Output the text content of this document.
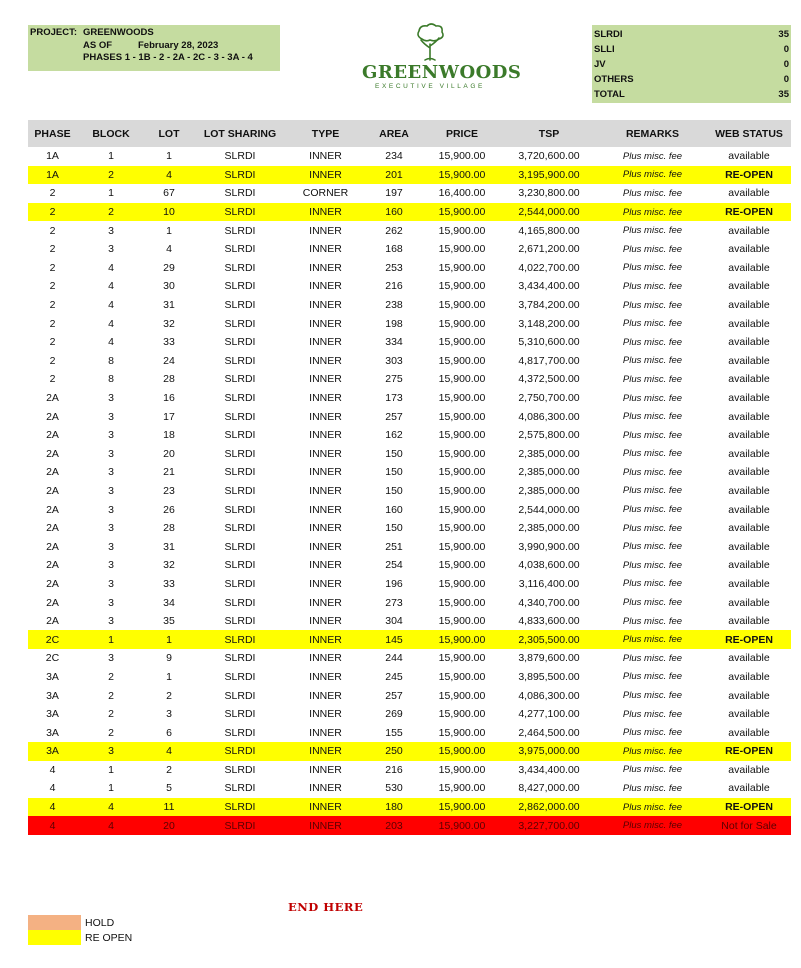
PROJECT: GREENWOODS
AS OF	February 28, 2023
PHASES 1 - 1B - 2 - 2A - 2C - 3 - 3A - 4
GREENWOODS
EXECUTIVE VILLAGE
SLRDI	35
SLLI	0
JV	0
OTHERS	0
TOTAL	35
PHASE	BLOCK	LOT	LOT SHARING	TYPE	AREA	PRICE	TSP	REMARKS	WEB STATUS
1A	1	1	SLRDI	INNER	234	15,900.00	3,720,600.00	Plus misc. fee	available
1A	2	4	SLRDI	INNER	201	15,900.00	3,195,900.00	Plus misc. fee	RE-OPEN
2	1	67	SLRDI	CORNER	197	16,400.00	3,230,800.00	Plus misc. fee	available
2	2	10	SLRDI	INNER	160	15,900.00	2,544,000.00	Plus misc. fee	RE-OPEN
2	3	1	SLRDI	INNER	262	15,900.00	4,165,800.00	Plus misc. fee	available
2	3	4	SLRDI	INNER	168	15,900.00	2,671,200.00	Plus misc. fee	available
2	4	29	SLRDI	INNER	253	15,900.00	4,022,700.00	Plus misc. fee	available
2	4	30	SLRDI	INNER	216	15,900.00	3,434,400.00	Plus misc. fee	available
2	4	31	SLRDI	INNER	238	15,900.00	3,784,200.00	Plus misc. fee	available
2	4	32	SLRDI	INNER	198	15,900.00	3,148,200.00	Plus misc. fee	available
2	4	33	SLRDI	INNER	334	15,900.00	5,310,600.00	Plus misc. fee	available
2	8	24	SLRDI	INNER	303	15,900.00	4,817,700.00	Plus misc. fee	available
2	8	28	SLRDI	INNER	275	15,900.00	4,372,500.00	Plus misc. fee	available
2A	3	16	SLRDI	INNER	173	15,900.00	2,750,700.00	Plus misc. fee	available
2A	3	17	SLRDI	INNER	257	15,900.00	4,086,300.00	Plus misc. fee	available
2A	3	18	SLRDI	INNER	162	15,900.00	2,575,800.00	Plus misc. fee	available
2A	3	20	SLRDI	INNER	150	15,900.00	2,385,000.00	Plus misc. fee	available
2A	3	21	SLRDI	INNER	150	15,900.00	2,385,000.00	Plus misc. fee	available
2A	3	23	SLRDI	INNER	150	15,900.00	2,385,000.00	Plus misc. fee	available
2A	3	26	SLRDI	INNER	160	15,900.00	2,544,000.00	Plus misc. fee	available
2A	3	28	SLRDI	INNER	150	15,900.00	2,385,000.00	Plus misc. fee	available
2A	3	31	SLRDI	INNER	251	15,900.00	3,990,900.00	Plus misc. fee	available
2A	3	32	SLRDI	INNER	254	15,900.00	4,038,600.00	Plus misc. fee	available
2A	3	33	SLRDI	INNER	196	15,900.00	3,116,400.00	Plus misc. fee	available
2A	3	34	SLRDI	INNER	273	15,900.00	4,340,700.00	Plus misc. fee	available
2A	3	35	SLRDI	INNER	304	15,900.00	4,833,600.00	Plus misc. fee	available
2C	1	1	SLRDI	INNER	145	15,900.00	2,305,500.00	Plus misc. fee	RE-OPEN
2C	3	9	SLRDI	INNER	244	15,900.00	3,879,600.00	Plus misc. fee	available
3A	2	1	SLRDI	INNER	245	15,900.00	3,895,500.00	Plus misc. fee	available
3A	2	2	SLRDI	INNER	257	15,900.00	4,086,300.00	Plus misc. fee	available
3A	2	3	SLRDI	INNER	269	15,900.00	4,277,100.00	Plus misc. fee	available
3A	2	6	SLRDI	INNER	155	15,900.00	2,464,500.00	Plus misc. fee	available
3A	3	4	SLRDI	INNER	250	15,900.00	3,975,000.00	Plus misc. fee	RE-OPEN
4	1	2	SLRDI	INNER	216	15,900.00	3,434,400.00	Plus misc. fee	available
4	1	5	SLRDI	INNER	530	15,900.00	8,427,000.00	Plus misc. fee	available
4	4	11	SLRDI	INNER	180	15,900.00	2,862,000.00	Plus misc. fee	RE-OPEN
4	4	20	SLRDI	INNER	203	15,900.00	3,227,700.00	Plus misc. fee	Not for Sale
END HERE
HOLD
RE OPEN
